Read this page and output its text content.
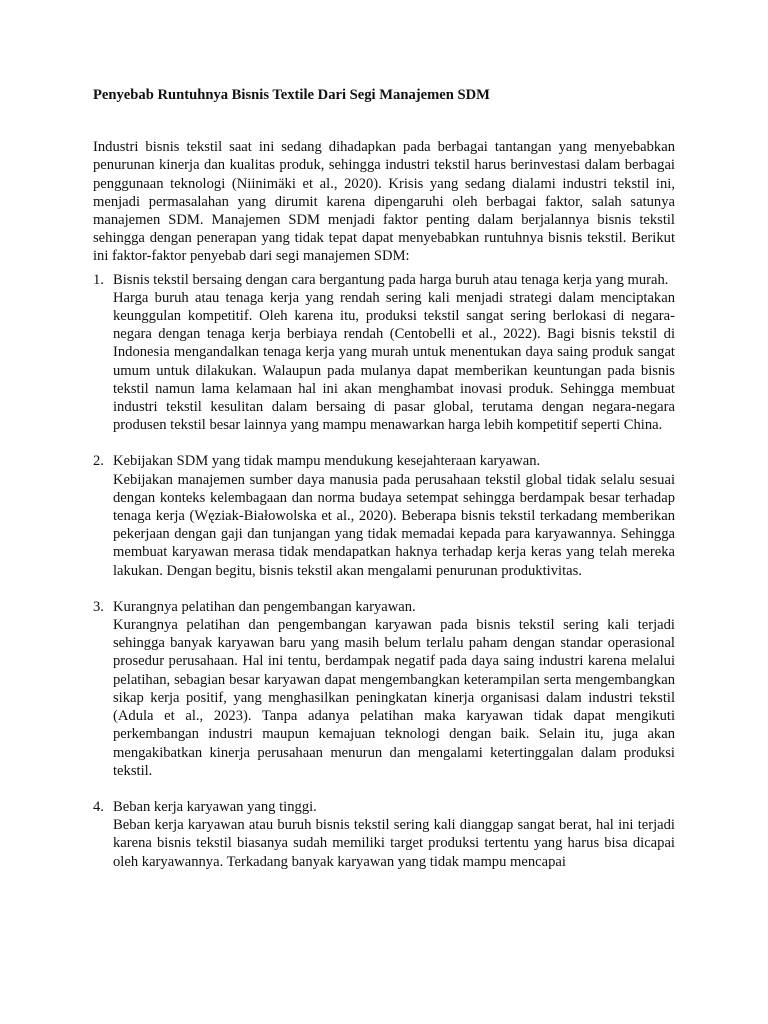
Penyebab Runtuhnya Bisnis Textile Dari Segi Manajemen SDM

Industri bisnis tekstil saat ini sedang dihadapkan pada berbagai tantangan yang menyebabkan penurunan kinerja dan kualitas produk, sehingga industri tekstil harus berinvestasi dalam berbagai penggunaan teknologi (Niinimäki et al., 2020). Krisis yang sedang dialami industri tekstil ini, menjadi permasalahan yang dirumit karena dipengaruhi oleh berbagai faktor, salah satunya manajemen SDM. Manajemen SDM menjadi faktor penting dalam berjalannya bisnis tekstil sehingga dengan penerapan yang tidak tepat dapat menyebabkan runtuhnya bisnis tekstil. Berikut ini faktor-faktor penyebab dari segi manajemen SDM:

1. Bisnis tekstil bersaing dengan cara bergantung pada harga buruh atau tenaga kerja yang murah.
Harga buruh atau tenaga kerja yang rendah sering kali menjadi strategi dalam menciptakan keunggulan kompetitif. Oleh karena itu, produksi tekstil sangat sering berlokasi di negara-negara dengan tenaga kerja berbiaya rendah (Centobelli et al., 2022). Bagi bisnis tekstil di Indonesia mengandalkan tenaga kerja yang murah untuk menentukan daya saing produk sangat umum untuk dilakukan. Walaupun pada mulanya dapat memberikan keuntungan pada bisnis tekstil namun lama kelamaan hal ini akan menghambat inovasi produk. Sehingga membuat industri tekstil kesulitan dalam bersaing di pasar global, terutama dengan negara-negara produsen tekstil besar lainnya yang mampu menawarkan harga lebih kompetitif seperti China.
2. Kebijakan SDM yang tidak mampu mendukung kesejahteraan karyawan.
Kebijakan manajemen sumber daya manusia pada perusahaan tekstil global tidak selalu sesuai dengan konteks kelembagaan dan norma budaya setempat sehingga berdampak besar terhadap tenaga kerja (Węziak-Białowolska et al., 2020). Beberapa bisnis tekstil terkadang memberikan pekerjaan dengan gaji dan tunjangan yang tidak memadai kepada para karyawannya. Sehingga membuat karyawan merasa tidak mendapatkan haknya terhadap kerja keras yang telah mereka lakukan. Dengan begitu, bisnis tekstil akan mengalami penurunan produktivitas.
3. Kurangnya pelatihan dan pengembangan karyawan.
Kurangnya pelatihan dan pengembangan karyawan pada bisnis tekstil sering kali terjadi sehingga banyak karyawan baru yang masih belum terlalu paham dengan standar operasional prosedur perusahaan. Hal ini tentu, berdampak negatif pada daya saing industri karena melalui pelatihan, sebagian besar karyawan dapat mengembangkan keterampilan serta mengembangkan sikap kerja positif, yang menghasilkan peningkatan kinerja organisasi dalam industri tekstil (Adula et al., 2023). Tanpa adanya pelatihan maka karyawan tidak dapat mengikuti perkembangan industri maupun kemajuan teknologi dengan baik. Selain itu, juga akan mengakibatkan kinerja perusahaan menurun dan mengalami ketertinggalan dalam produksi tekstil.
4. Beban kerja karyawan yang tinggi.
Beban kerja karyawan atau buruh bisnis tekstil sering kali dianggap sangat berat, hal ini terjadi karena bisnis tekstil biasanya sudah memiliki target produksi tertentu yang harus bisa dicapai oleh karyawannya. Terkadang banyak karyawan yang tidak mampu mencapai
